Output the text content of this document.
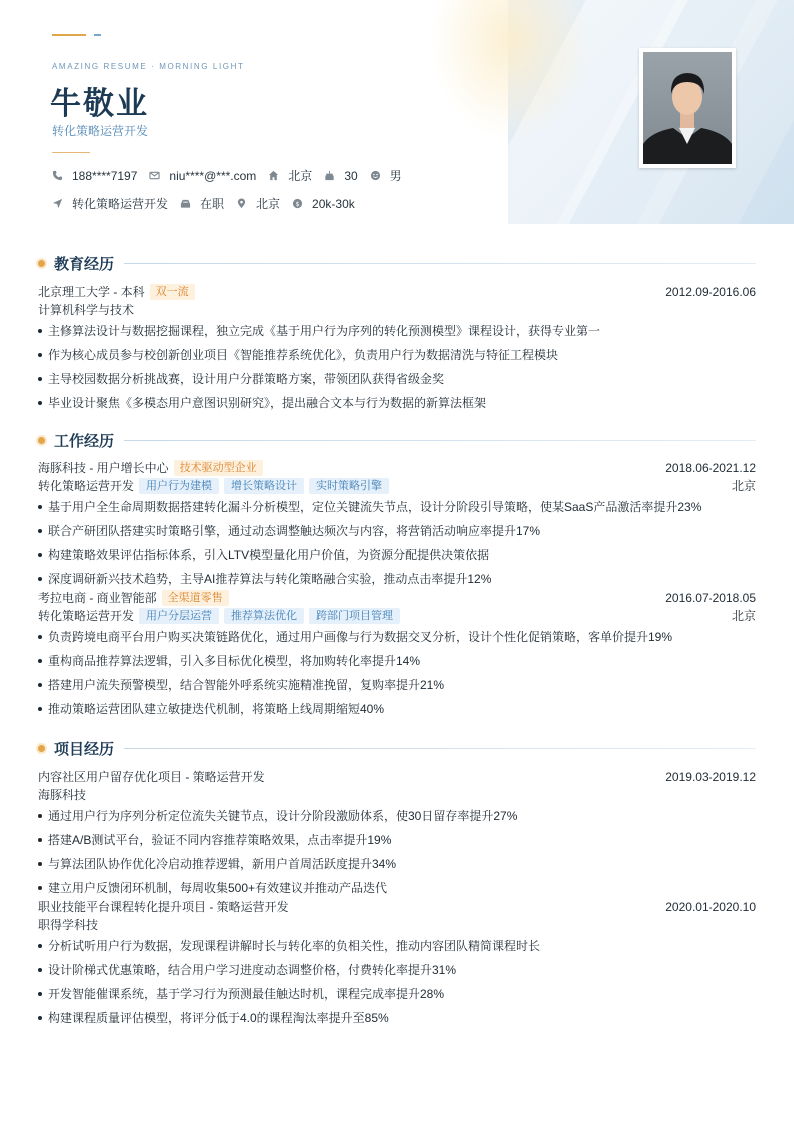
AMAZING RESUME · MORNING LIGHT
牛敬业
转化策略运营开发
188****7197	niu****@***.com	北京	30	男
转化策略运营开发	在职	北京 $ 20k-30k
教育经历
北京理工大学 - 本科	双一流	2012.09-2016.06
计算机科学与技术
主修算法设计与数据挖掘课程，独立完成《基于用户行为序列的转化预测模型》课程设计，获得专业第一
作为核心成员参与校创新创业项目《智能推荐系统优化》，负责用户行为数据清洗与特征工程模块
主导校园数据分析挑战赛，设计用户分群策略方案，带领团队获得省级金奖
毕业设计聚焦《多模态用户意图识别研究》，提出融合文本与行为数据的新算法框架
工作经历
海豚科技 - 用户增长中心	技术驱动型企业	2018.06-2021.12
转化策略运营开发	用户行为建模	增长策略设计	实时策略引擎	北京
基于用户全生命周期数据搭建转化漏斗分析模型，定位关键流失节点，设计分阶段引导策略，使某SaaS产品激活率提升23%
联合产研团队搭建实时策略引擎，通过动态调整触达频次与内容，将营销活动响应率提升17%
构建策略效果评估指标体系，引入LTV模型量化用户价值，为资源分配提供决策依据
深度调研新兴技术趋势，主导AI推荐算法与转化策略融合实验，推动点击率提升12%
考拉电商 - 商业智能部	全渠道零售	2016.07-2018.05
转化策略运营开发	用户分层运营	推荐算法优化	跨部门项目管理	北京
负责跨境电商平台用户购买决策链路优化，通过用户画像与行为数据交叉分析，设计个性化促销策略，客单价提升19%
重构商品推荐算法逻辑，引入多目标优化模型，将加购转化率提升14%
搭建用户流失预警模型，结合智能外呼系统实施精准挽留，复购率提升21%
推动策略运营团队建立敏捷迭代机制，将策略上线周期缩短40%
项目经历
内容社区用户留存优化项目 - 策略运营开发	2019.03-2019.12
海豚科技
通过用户行为序列分析定位流失关键节点，设计分阶段激励体系，使30日留存率提升27%
搭建A/B测试平台，验证不同内容推荐策略效果，点击率提升19%
与算法团队协作优化冷启动推荐逻辑，新用户首周活跃度提升34%
建立用户反馈闭环机制，每周收集500+有效建议并推动产品迭代
职业技能平台课程转化提升项目 - 策略运营开发	2020.01-2020.10
职得学科技
分析试听用户行为数据，发现课程讲解时长与转化率的负相关性，推动内容团队精简课程时长
设计阶梯式优惠策略，结合用户学习进度动态调整价格，付费转化率提升31%
开发智能催课系统，基于学习行为预测最佳触达时机，课程完成率提升28%
构建课程质量评估模型，将评分低于4.0的课程淘汰率提升至85%
